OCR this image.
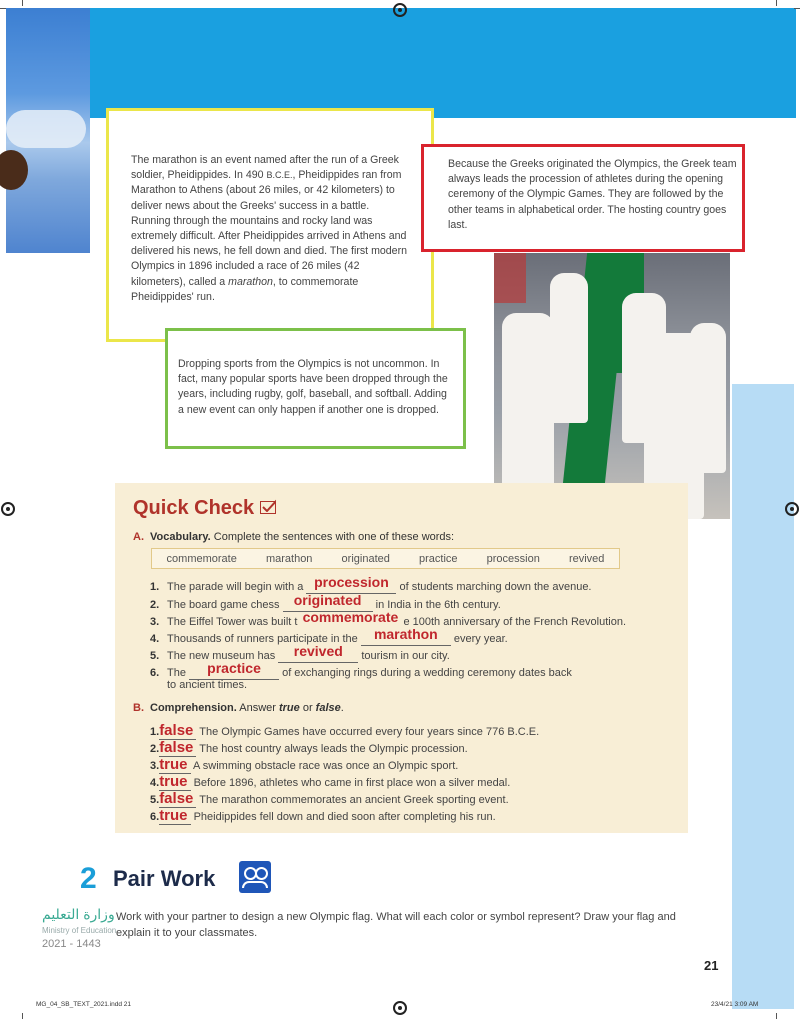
The marathon is an event named after the run of a Greek soldier, Pheidippides. In 490 B.C.E., Pheidippides ran from Marathon to Athens (about 26 miles, or 42 kilometers) to deliver news about the Greeks' success in a battle. Running through the mountains and rocky land was extremely difficult. After Pheidippides arrived in Athens and delivered his news, he fell down and died. The first modern Olympics in 1896 included a race of 26 miles (42 kilometers), called a marathon, to commemorate Pheidippides' run.

Because the Greeks originated the Olympics, the Greek team always leads the procession of athletes during the opening ceremony of the Olympic Games. They are followed by the other teams in alphabetical order. The hosting country goes last.

Dropping sports from the Olympics is not uncommon. In fact, many popular sports have been dropped through the years, including rugby, golf, baseball, and softball. Adding a new event can only happen if another one is dropped.

Quick Check
A. Vocabulary. Complete the sentences with one of these words:
commemorate	marathon	originated	practice	procession	revived
1. The parade will begin with a procession of students marching down the avenue.
2. The board game chess originated in India in the 6th century.
3. The Eiffel Tower was built t commemorate e 100th anniversary of the French Revolution.
4. Thousands of runners participate in the marathon every year.
5. The new museum has revived tourism in our city.
6. The practice of exchanging rings during a wedding ceremony dates back
to ancient times.
B. Comprehension. Answer true or false.
1.false The Olympic Games have occurred every four years since 776 B.C.E.
2.false The host country always leads the Olympic procession.
3.true A swimming obstacle race was once an Olympic sport.
4.true Before 1896, athletes who came in first place won a silver medal.
5.false The marathon commemorates an ancient Greek sporting event.
6.true Pheidippides fell down and died soon after completing his run.
2 Pair Work
Work with your partner to design a new Olympic flag. What will each color or symbol represent? Draw your flag and explain it to your classmates.
وزارة التعليم
Ministry of Education
2021 - 1443
21
MG_04_SB_TEXT_2021.indd 21	23/4/21 3:09 AM
